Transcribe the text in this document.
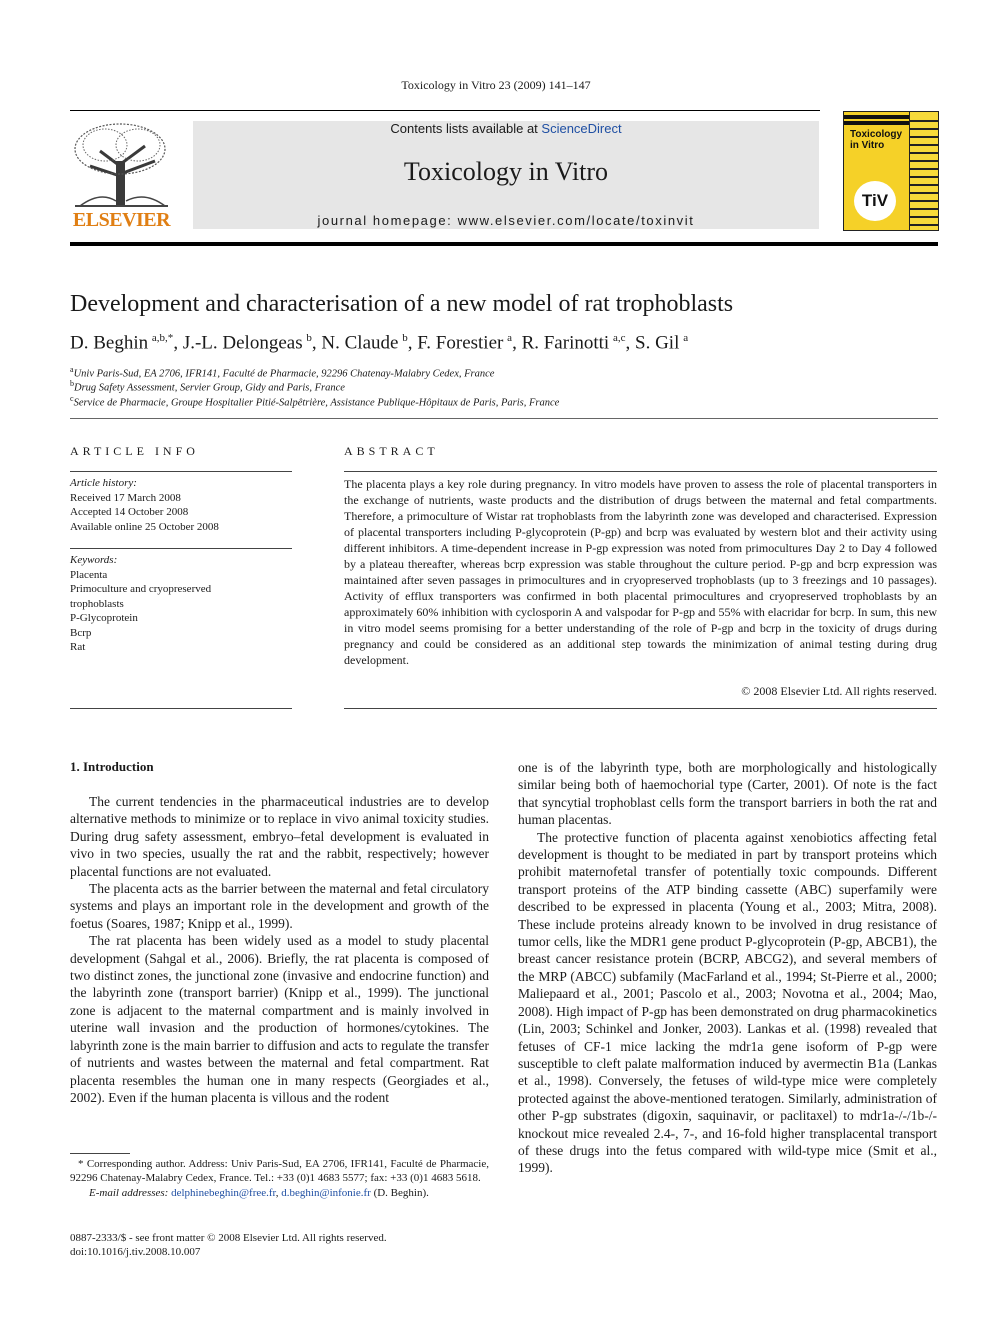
Toxicology in Vitro 23 (2009) 141–147
ELSEVIER
Contents lists available at ScienceDirect
Toxicology in Vitro
journal homepage: www.elsevier.com/locate/toxinvit
Toxicology
in Vitro
TiV
Development and characterisation of a new model of rat trophoblasts
D. Beghin  $^{a,b,*}$, J.-L. Delongeas  $^b$, N. Claude  $^b$, F. Forestier  $^a$, R. Farinotti  $^{a,c}$, S. Gil  $^a$
$^a$Univ Paris-Sud, EA 2706, IFR141, Faculté de Pharmacie, 92296 Chatenay-Malabry Cedex, France
$^b$Drug Safety Assessment, Servier Group, Gidy and Paris, France
$^c$Service de Pharmacie, Groupe Hospitalier Pitié-Salpêtrière, Assistance Publique-Hôpitaux de Paris, Paris, France
ARTICLE INFO
Article history:
Received 17 March 2008
Accepted 14 October 2008
Available online 25 October 2008
Keywords:
Placenta
Primoculture and cryopreserved
trophoblasts
P-Glycoprotein
Bcrp
Rat
ABSTRACT
The placenta plays a key role during pregnancy. In vitro models have proven to assess the role of placental transporters in the exchange of nutrients, waste products and the distribution of drugs between the maternal and fetal compartments. Therefore, a primoculture of Wistar rat trophoblasts from the labyrinth zone was developed and characterised. Expression of placental transporters including P-glycoprotein (P-gp) and bcrp was evaluated by western blot and their activity using different inhibitors. A time-dependent increase in P-gp expression was noted from primocultures Day 2 to Day 4 followed by a plateau thereafter, whereas bcrp expression was stable throughout the culture period. P-gp and bcrp expression was maintained after seven passages in primocultures and in cryopreserved trophoblasts (up to 3 freezings and 10 passages). Activity of efflux transporters was confirmed in both placental primocultures and cryopreserved trophoblasts by an approximately 60% inhibition with cyclosporin A and valspodar for P-gp and 55% with elacridar for bcrp. In sum, this new in vitro model seems promising for a better understanding of the role of P-gp and bcrp in the toxicity of drugs during pregnancy and could be considered as an additional step towards the minimization of animal testing during drug development.
© 2008 Elsevier Ltd. All rights reserved.
1. Introduction

The current tendencies in the pharmaceutical industries are to develop alternative methods to minimize or to replace in vivo animal toxicity studies. During drug safety assessment, embryo–fetal development is evaluated in vivo in two species, usually the rat and the rabbit, respectively; however placental functions are not evaluated.

The placenta acts as the barrier between the maternal and fetal circulatory systems and plays an important role in the development and growth of the foetus (Soares, 1987; Knipp et al., 1999).

The rat placenta has been widely used as a model to study placental development (Sahgal et al., 2006). Briefly, the rat placenta is composed of two distinct zones, the junctional zone (invasive and endocrine function) and the labyrinth zone (transport barrier) (Knipp et al., 1999). The junctional zone is adjacent to the maternal compartment and is mainly involved in uterine wall invasion and the production of hormones/cytokines. The labyrinth zone is the main barrier to diffusion and acts to regulate the transfer of nutrients and wastes between the maternal and fetal compartment. Rat placenta resembles the human one in many respects (Georgiades et al., 2002). Even if the human placenta is villous and the rodent

one is of the labyrinth type, both are morphologically and histologically similar being both of haemochorial type (Carter, 2001). Of note is the fact that syncytial trophoblast cells form the transport barriers in both the rat and human placentas.

The protective function of placenta against xenobiotics affecting fetal development is thought to be mediated in part by transport proteins which prohibit maternofetal transfer of potentially toxic compounds. Different transport proteins of the ATP binding cassette (ABC) superfamily were described to be expressed in placenta (Young et al., 2003; Mitra, 2008). These include proteins already known to be involved in drug resistance of tumor cells, like the MDR1 gene product P-glycoprotein (P-gp, ABCB1), the breast cancer resistance protein (BCRP, ABCG2), and several members of the MRP (ABCC) subfamily (MacFarland et al., 1994; St-Pierre et al., 2000; Maliepaard et al., 2001; Pascolo et al., 2003; Novotna et al., 2004; Mao, 2008). High impact of P-gp has been demonstrated on drug pharmacokinetics (Lin, 2003; Schinkel and Jonker, 2003). Lankas et al. (1998) revealed that fetuses of CF-1 mice lacking the mdr1a gene isoform of P-gp were susceptible to cleft palate malformation induced by avermectin B1a (Lankas et al., 1998). Conversely, the fetuses of wild-type mice were completely protected against the above-mentioned teratogen. Similarly, administration of other P-gp substrates (digoxin, saquinavir, or paclitaxel) to mdr1a-/-/1b-/- knockout mice revealed 2.4-, 7-, and 16-fold higher transplacental transport of these drugs into the fetus compared with wild-type mice (Smit et al., 1999).

* Corresponding author. Address: Univ Paris-Sud, EA 2706, IFR141, Faculté de Pharmacie, 92296 Chatenay-Malabry Cedex, France. Tel.: +33 (0)1 4683 5577; fax: +33 (0)1 4683 5618.

E-mail addresses: delphinebeghin@free.fr, d.beghin@infonie.fr (D. Beghin).

0887-2333/$ - see front matter © 2008 Elsevier Ltd. All rights reserved.
doi:10.1016/j.tiv.2008.10.007
